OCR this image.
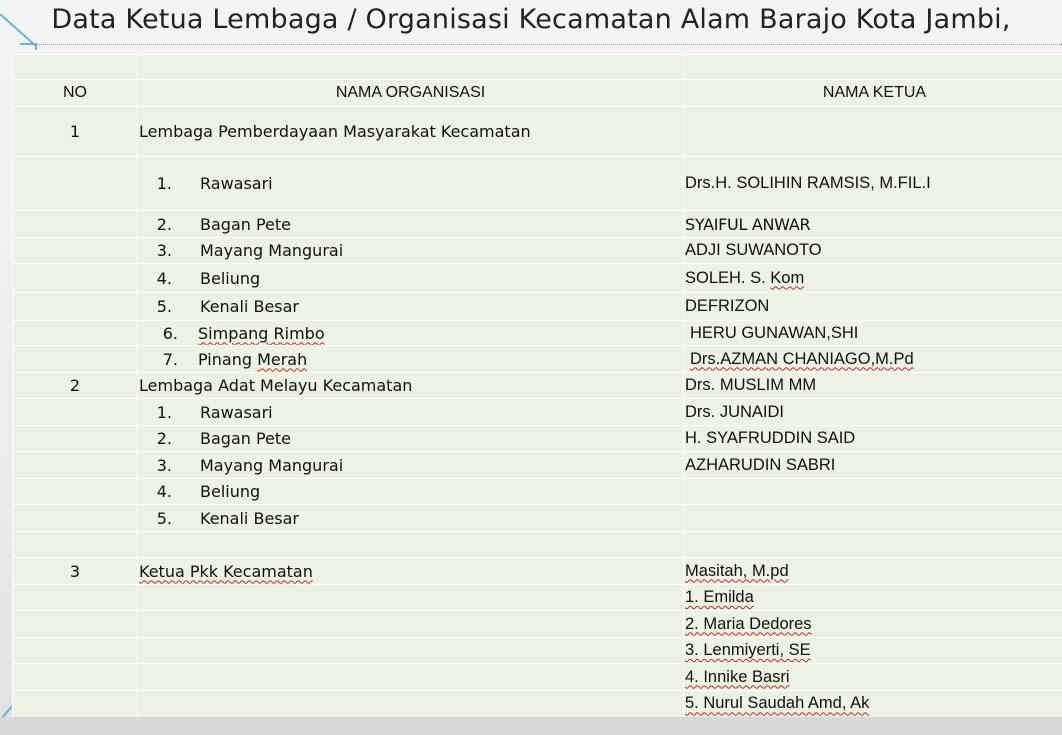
Data Ketua Lembaga / Organisasi Kecamatan Alam Barajo Kota Jambi,

NO	NAMA ORGANISASI	NAMA KETUA
1	Lembaga Pemberdayaan Masyarakat Kecamatan	
	1. Rawasari	Drs.H. SOLIHIN RAMSIS, M.FIL.I
	2. Bagan Pete	SYAIFUL ANWAR
	3. Mayang Mangurai	ADJI SUWANOTO
	4. Beliung	SOLEH. S. Kom
	5. Kenali Besar	DEFRIZON
	6. Simpang Rimbo	HERU GUNAWAN,SHI
	7. Pinang Merah	Drs.AZMAN CHANIAGO,M.Pd
2	Lembaga Adat Melayu Kecamatan	Drs. MUSLIM MM
	1. Rawasari	Drs. JUNAIDI
	2. Bagan Pete	H. SYAFRUDDIN SAID
	3. Mayang Mangurai	AZHARUDIN SABRI
	4. Beliung	
	5. Kenali Besar	

3	Ketua Pkk Kecamatan	Masitah, M.pd
		1. Emilda
		2. Maria Dedores
		3. Lenmiyerti, SE
		4. Innike Basri
		5. Nurul Saudah Amd, Ak
